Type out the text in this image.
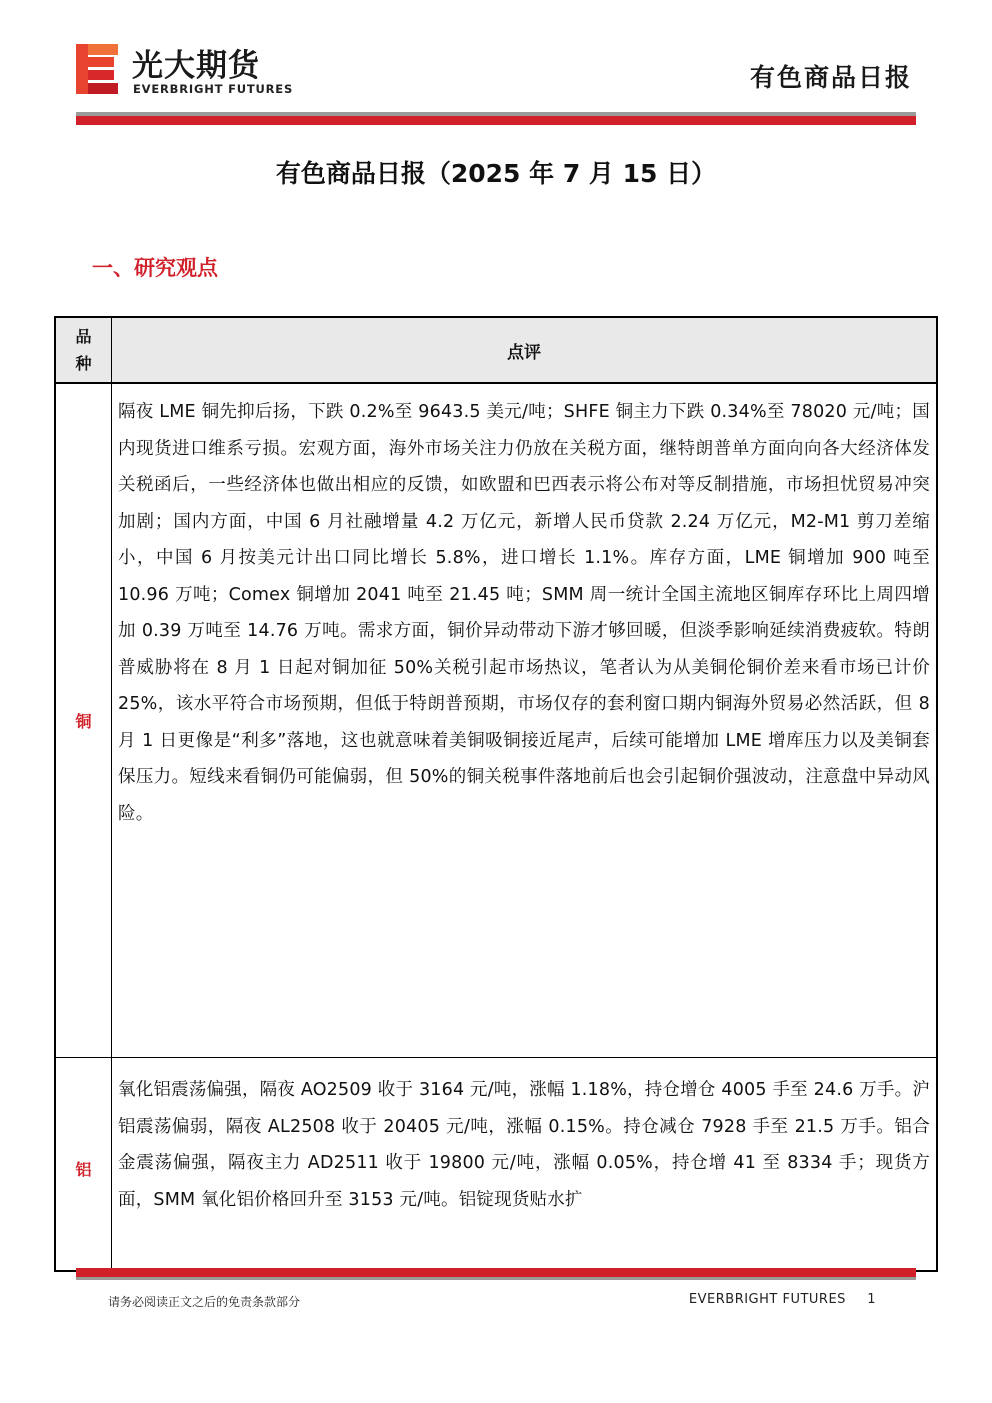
光大期货
EVERBRIGHT FUTURES	有色商品日报
有色商品日报（2025 年 7 月 15 日）
一、研究观点
品种
点评
铜
隔夜 LME 铜先抑后扬，下跌 0.2%至 9643.5 美元/吨；SHFE 铜主力下跌 0.34%至 78020 元/吨；国内现货进口维系亏损。宏观方面，海外市场关注力仍放在关税方面，继特朗普单方面向向各大经济体发关税函后，一些经济体也做出相应的反馈，如欧盟和巴西表示将公布对等反制措施，市场担忧贸易冲突加剧；国内方面，中国 6 月社融增量 4.2 万亿元，新增人民币贷款 2.24 万亿元，M2-M1 剪刀差缩小，中国 6 月按美元计出口同比增长 5.8%，进口增长 1.1%。库存方面，LME 铜增加 900 吨至 10.96 万吨；Comex 铜增加 2041 吨至 21.45 吨；SMM 周一统计全国主流地区铜库存环比上周四增加 0.39 万吨至 14.76 万吨。需求方面，铜价异动带动下游才够回暖，但淡季影响延续消费疲软。特朗普威胁将在 8 月 1 日起对铜加征 50%关税引起市场热议，笔者认为从美铜伦铜价差来看市场已计价 25%，该水平符合市场预期，但低于特朗普预期，市场仅存的套利窗口期内铜海外贸易必然活跃，但 8 月 1 日更像是“利多”落地，这也就意味着美铜吸铜接近尾声，后续可能增加 LME 增库压力以及美铜套保压力。短线来看铜仍可能偏弱，但 50%的铜关税事件落地前后也会引起铜价强波动，注意盘中异动风险。
铝
氧化铝震荡偏强，隔夜 AO2509 收于 3164 元/吨，涨幅 1.18%，持仓增仓 4005 手至 24.6 万手。沪铝震荡偏弱，隔夜 AL2508 收于 20405 元/吨，涨幅 0.15%。持仓减仓 7928 手至 21.5 万手。铝合金震荡偏强，隔夜主力 AD2511 收于 19800 元/吨，涨幅 0.05%，持仓增 41 至 8334 手；现货方面，SMM 氧化铝价格回升至 3153 元/吨。铝锭现货贴水扩
请务必阅读正文之后的免责条款部分	EVERBRIGHT FUTURES 1
